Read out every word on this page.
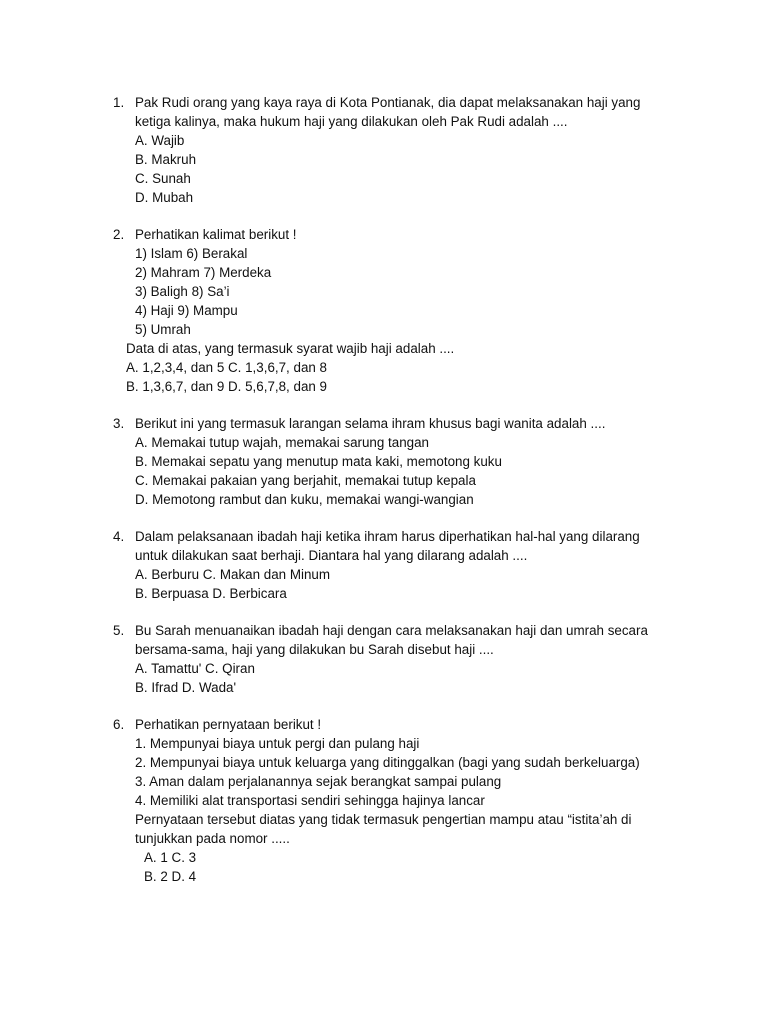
1. Pak Rudi orang yang kaya raya di Kota Pontianak, dia dapat melaksanakan haji yang
ketiga kalinya, maka hukum haji yang dilakukan oleh Pak Rudi adalah ....
A. Wajib
B. Makruh
C. Sunah
D. Mubah
2. Perhatikan kalimat berikut !
1) Islam 6) Berakal
2) Mahram 7) Merdeka
3) Baligh 8) Sa’i
4) Haji 9) Mampu
5) Umrah
Data di atas, yang termasuk syarat wajib haji adalah ....
A. 1,2,3,4, dan 5 C. 1,3,6,7, dan 8
B. 1,3,6,7, dan 9 D. 5,6,7,8, dan 9
3. Berikut ini yang termasuk larangan selama ihram khusus bagi wanita adalah ....
A. Memakai tutup wajah, memakai sarung tangan
B. Memakai sepatu yang menutup mata kaki, memotong kuku
C. Memakai pakaian yang berjahit, memakai tutup kepala
D. Memotong rambut dan kuku, memakai wangi-wangian
4. Dalam pelaksanaan ibadah haji ketika ihram harus diperhatikan hal-hal yang dilarang
untuk dilakukan saat berhaji. Diantara hal yang dilarang adalah ....
A. Berburu C. Makan dan Minum
B. Berpuasa D. Berbicara
5. Bu Sarah menuanaikan ibadah haji dengan cara melaksanakan haji dan umrah secara
bersama-sama, haji yang dilakukan bu Sarah disebut haji ....
A. Tamattu' C. Qiran
B. Ifrad D. Wada'
6. Perhatikan pernyataan berikut !
1. Mempunyai biaya untuk pergi dan pulang haji
2. Mempunyai biaya untuk keluarga yang ditinggalkan (bagi yang sudah berkeluarga)
3. Aman dalam perjalanannya sejak berangkat sampai pulang
4. Memiliki alat transportasi sendiri sehingga hajinya lancar
Pernyataan tersebut diatas yang tidak termasuk pengertian mampu atau “istita’ah di
tunjukkan pada nomor .....
A. 1 C. 3
B. 2 D. 4
